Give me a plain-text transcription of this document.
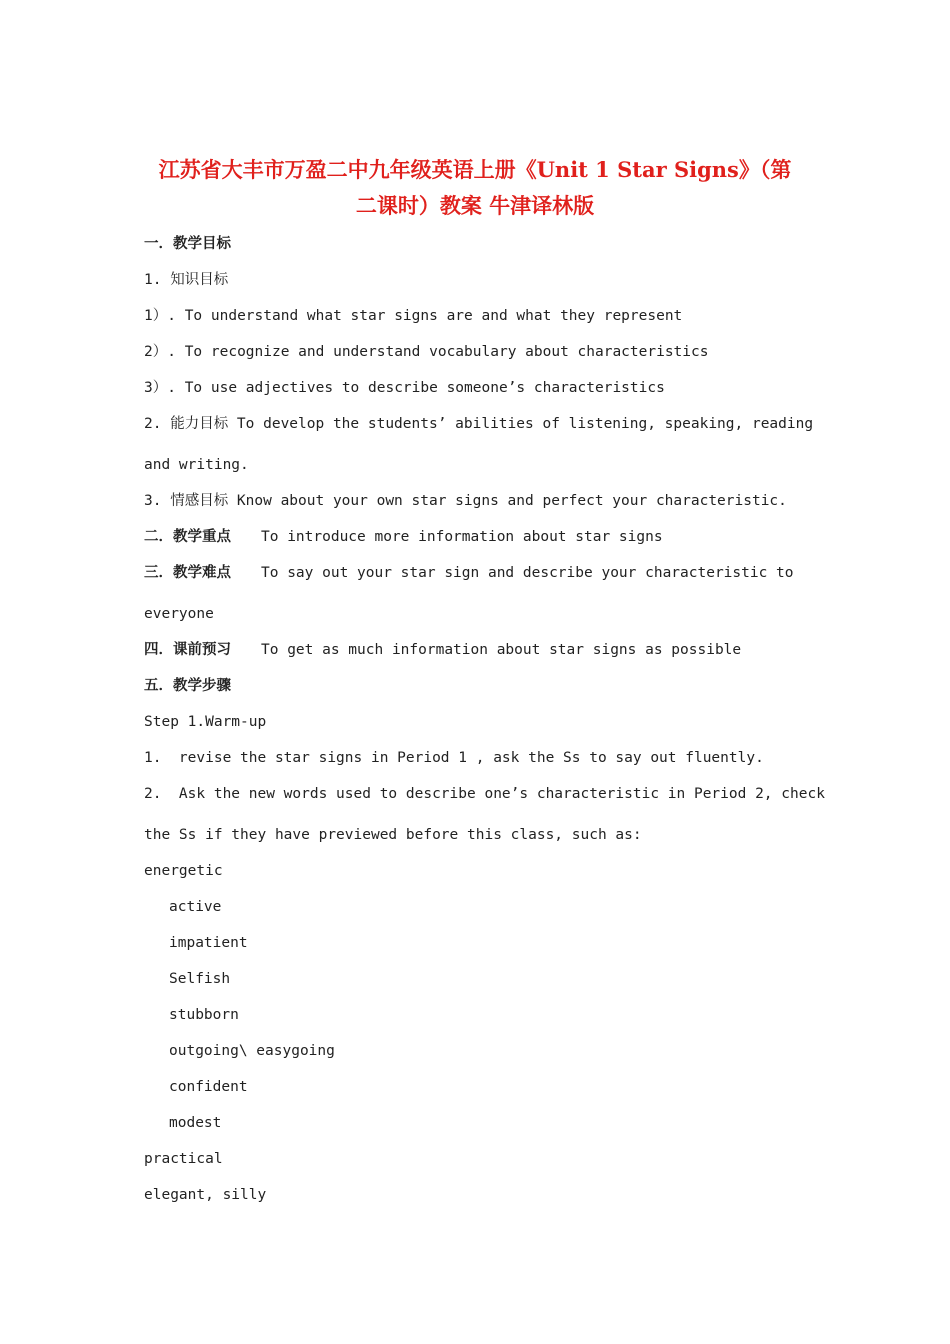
江苏省大丰市万盈二中九年级英语上册《Unit 1 Star Signs》（第
二课时）教案 牛津译林版
一．教学目标
1. 知识目标
1）. To understand what star signs are and what they represent
2）. To recognize and understand vocabulary about characteristics
3）. To use adjectives to describe someone’s characteristics
2. 能力目标 To develop the students’ abilities of listening, speaking, reading
and writing.
3. 情感目标 Know about your own star signs and perfect your characteristic.
二．教学重点 To introduce more information about star signs
三．教学难点 To say out your star sign and describe your characteristic to
everyone
四．课前预习 To get as much information about star signs as possible
五．教学步骤
Step 1.Warm-up
1.  revise the star signs in Period 1 , ask the Ss to say out fluently.
2.  Ask the new words used to describe one’s characteristic in Period 2, check
the Ss if they have previewed before this class, such as:
energetic
active
impatient
Selfish
stubborn
outgoing\ easygoing
confident
modest
practical
elegant, silly
